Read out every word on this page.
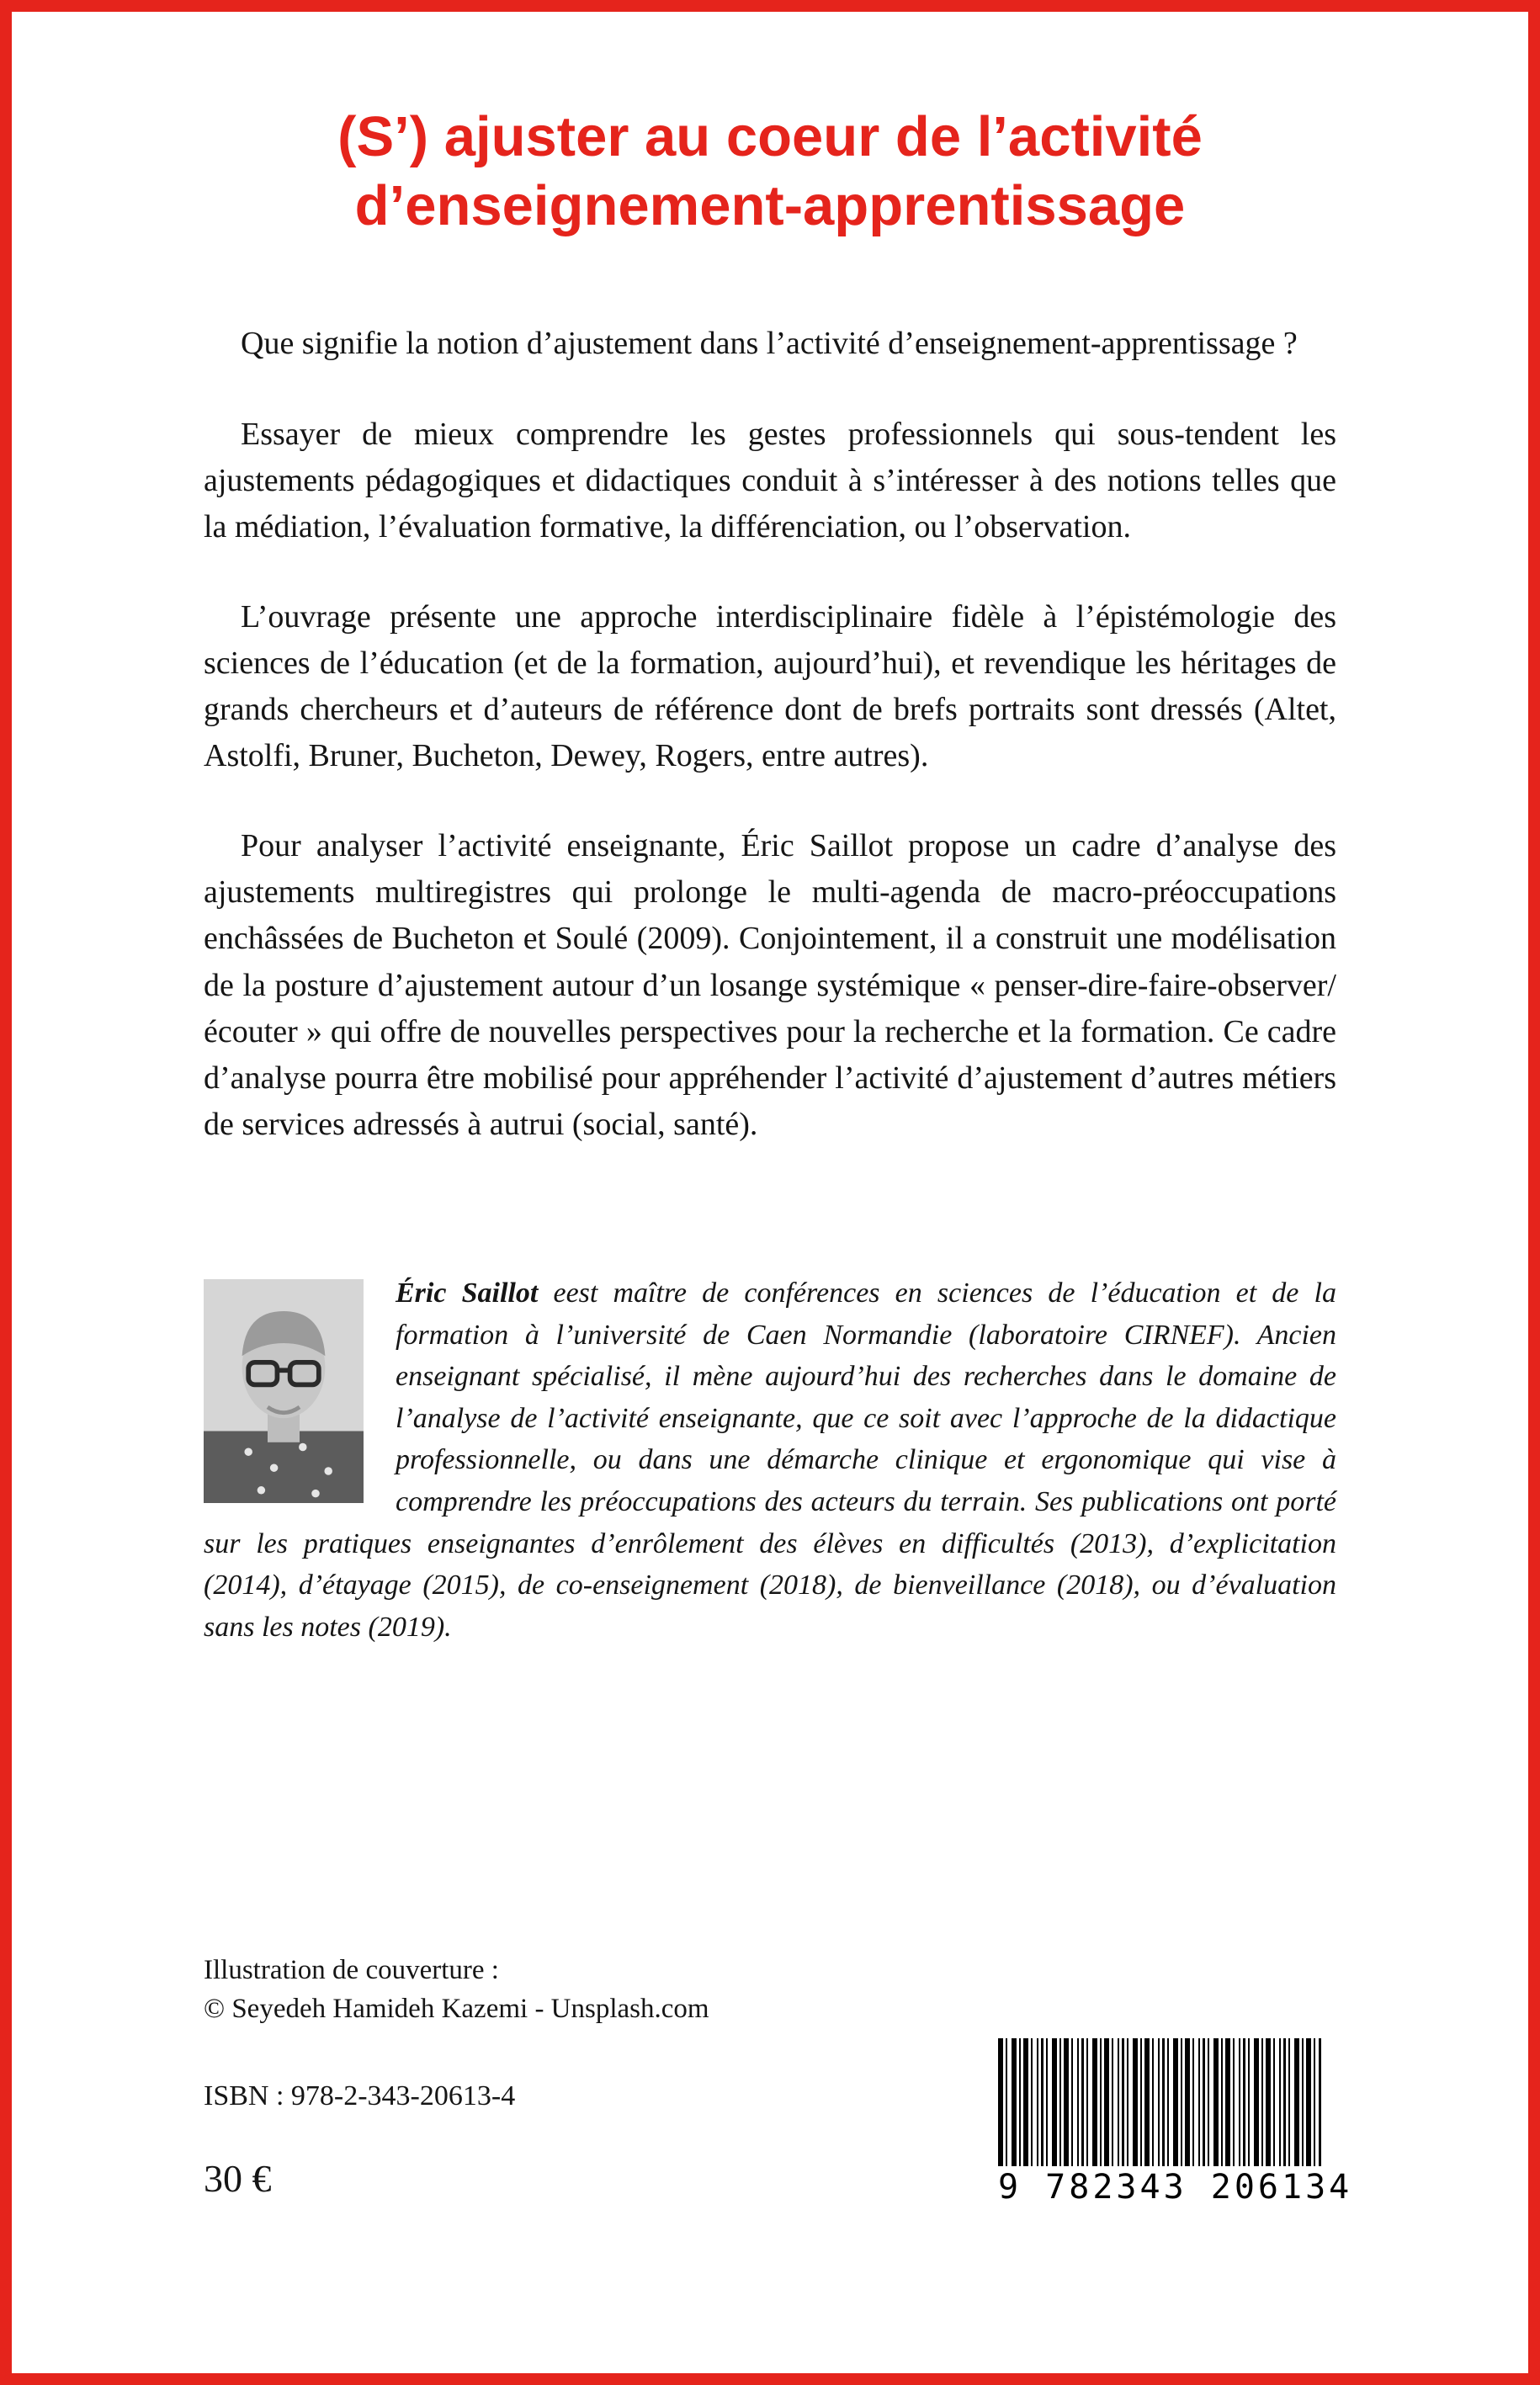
(S’) ajuster au coeur de l’activité
d’enseignement-apprentissage

Que signifie la notion d’ajustement dans l’activité d’enseignement-apprentissage ?

Essayer de mieux comprendre les gestes professionnels qui sous-tendent les ajustements pédagogiques et didactiques conduit à s’intéresser à des notions telles que la médiation, l’évaluation formative, la différenciation, ou l’observation.

L’ouvrage présente une approche interdisciplinaire fidèle à l’épistémologie des sciences de l’éducation (et de la formation, aujourd’hui), et revendique les héritages de grands chercheurs et d’auteurs de référence dont de brefs portraits sont dressés (Altet, Astolfi, Bruner, Bucheton, Dewey, Rogers, entre autres).

Pour analyser l’activité enseignante, Éric Saillot propose un cadre d’analyse des ajustements multiregistres qui prolonge le multi-agenda de macro-préoccupations enchâssées de Bucheton et Soulé (2009). Conjointement, il a construit une modélisation de la posture d’ajustement autour d’un losange systémique « penser-dire-faire-observer/écouter » qui offre de nouvelles perspectives pour la recherche et la formation. Ce cadre d’analyse pourra être mobilisé pour appréhender l’activité d’ajustement d’autres métiers de services adressés à autrui (social, santé).

Éric Saillot eest maître de conférences en sciences de l’éducation et de la formation à l’université de Caen Normandie (laboratoire CIRNEF). Ancien enseignant spécialisé, il mène aujourd’hui des recherches dans le domaine de l’analyse de l’activité enseignante, que ce soit avec l’approche de la didactique professionnelle, ou dans une démarche clinique et ergonomique qui vise à comprendre les préoccupations des acteurs du terrain. Ses publications ont porté sur les pratiques enseignantes d’enrôlement des élèves en difficultés (2013), d’explicitation (2014), d’étayage (2015), de co-enseignement (2018), de bienveillance (2018), ou d’évaluation sans les notes (2019).

Illustration de couverture :
© Seyedeh Hamideh Kazemi - Unsplash.com
ISBN : 978-2-343-20613-4
30 €	9 782343 206134
